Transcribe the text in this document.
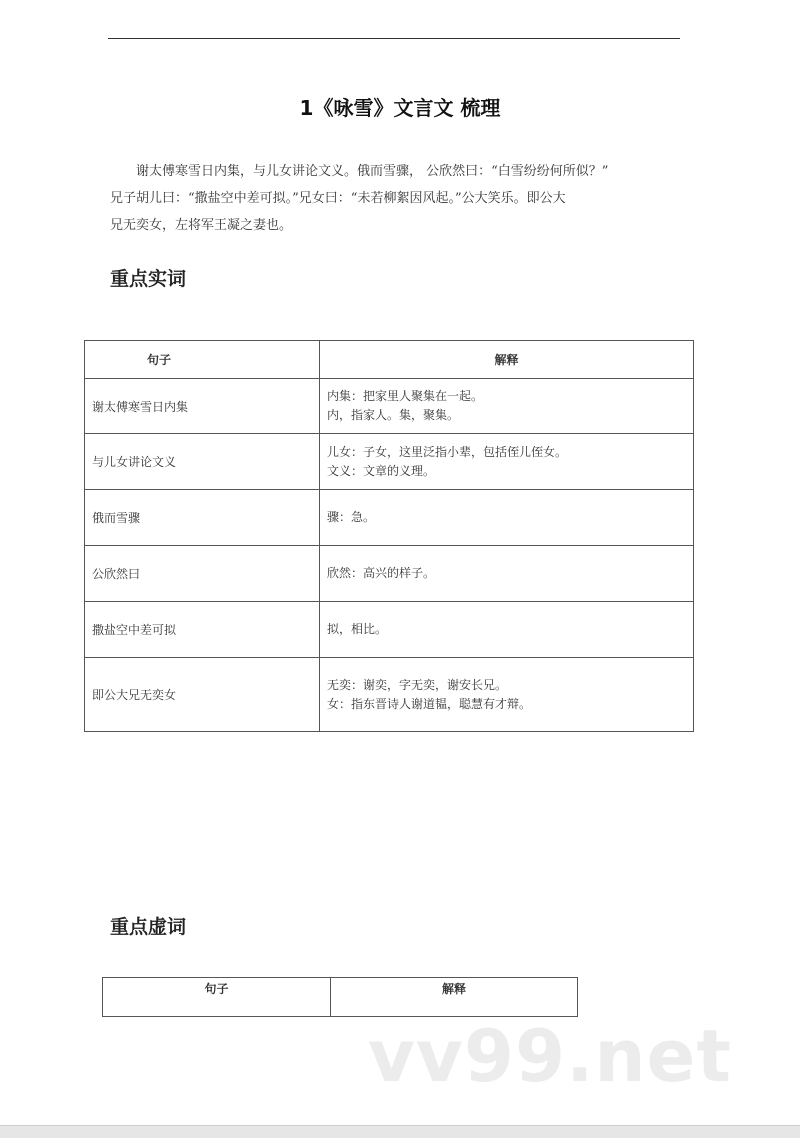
1《咏雪》文言文 梳理
谢太傅寒雪日内集，与儿女讲论文义。俄而雪骤， 公欣然曰：“白雪纷纷何所似？”
兄子胡儿曰：“撒盐空中差可拟。”兄女曰：“未若柳絮因风起。”公大笑乐。即公大
兄无奕女，左将军王凝之妻也。
重点实词
句子	解释
谢太傅寒雪日内集	内集：把家里人聚集在一起。
内，指家人。集，聚集。

与儿女讲论文义	儿女：子女，这里泛指小辈，包括侄儿侄女。
文义：文章的义理。

俄而雪骤	骤：急。

公欣然曰	欣然：高兴的样子。

撒盐空中差可拟	拟，相比。

即公大兄无奕女	无奕：谢奕，字无奕，谢安长兄。
女：指东晋诗人谢道韫，聪慧有才辩。
重点虚词
句子	解释
vv99.net
